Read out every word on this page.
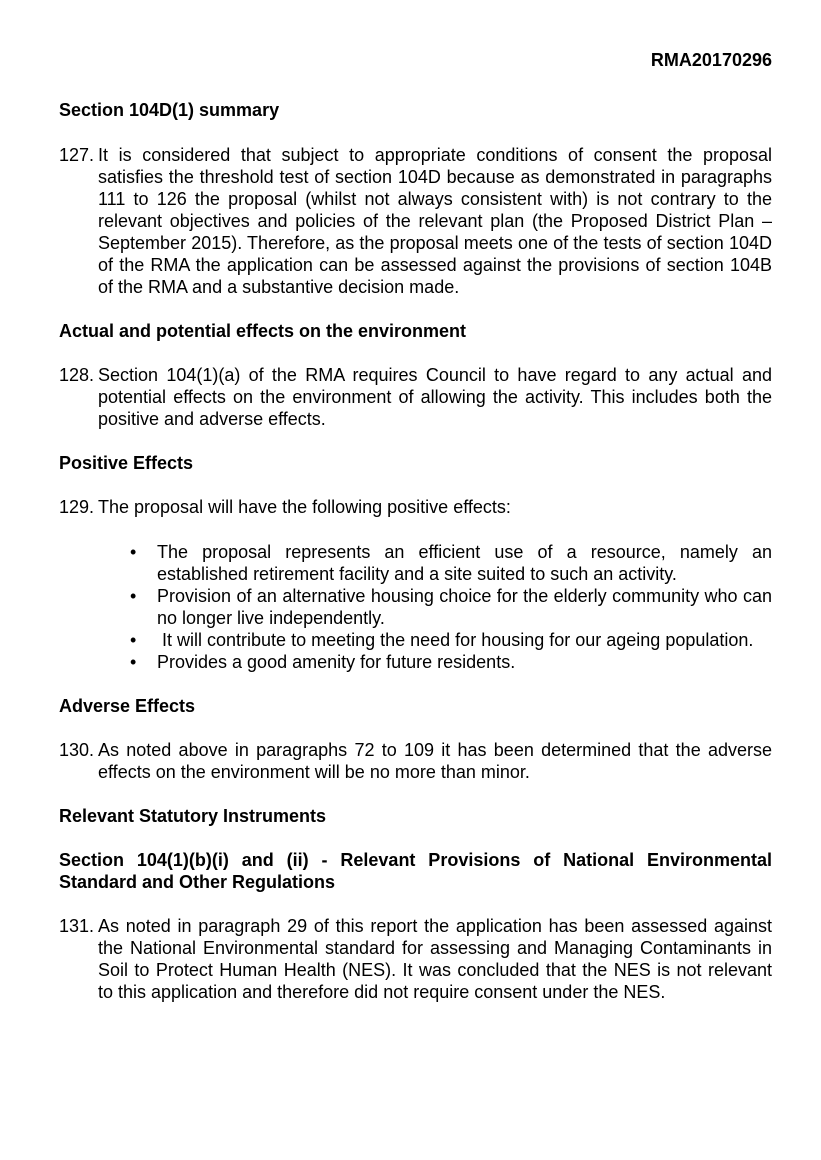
RMA20170296

Section 104D(1) summary

127. It is considered that subject to appropriate conditions of consent the proposal satisfies the threshold test of section 104D because as demonstrated in paragraphs 111 to 126 the proposal (whilst not always consistent with) is not contrary to the relevant objectives and policies of the relevant plan (the Proposed District Plan – September 2015). Therefore, as the proposal meets one of the tests of section 104D of the RMA the application can be assessed against the provisions of section 104B of the RMA and a substantive decision made.

Actual and potential effects on the environment

128. Section 104(1)(a) of the RMA requires Council to have regard to any actual and potential effects on the environment of allowing the activity. This includes both the positive and adverse effects.

Positive Effects

129. The proposal will have the following positive effects:

•	The proposal represents an efficient use of a resource, namely an established retirement facility and a site suited to such an activity.
•	Provision of an alternative housing choice for the elderly community who can no longer live independently.
•	It will contribute to meeting the need for housing for our ageing population.
•	Provides a good amenity for future residents.

Adverse Effects

130. As noted above in paragraphs 72 to 109 it has been determined that the adverse effects on the environment will be no more than minor.

Relevant Statutory Instruments

Section 104(1)(b)(i) and (ii) - Relevant Provisions of National Environmental Standard and Other Regulations

131. As noted in paragraph 29 of this report the application has been assessed against the National Environmental standard for assessing and Managing Contaminants in Soil to Protect Human Health (NES). It was concluded that the NES is not relevant to this application and therefore did not require consent under the NES.
